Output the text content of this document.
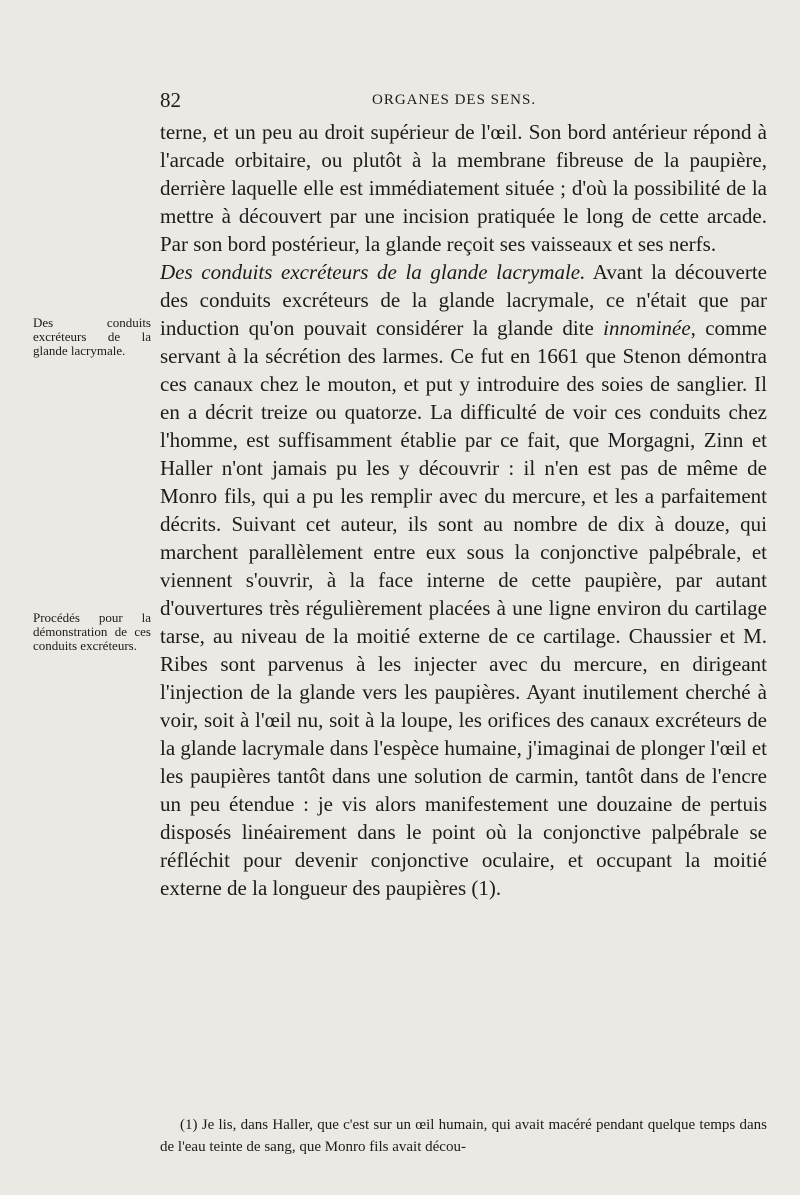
82	ORGANES DES SENS.
Des conduits excréteurs de la glande lacrymale.
Procédés pour la démonstration de ces conduits excréteurs.

terne, et un peu au droit supérieur de l'œil. Son bord antérieur répond à l'arcade orbitaire, ou plutôt à la membrane fibreuse de la paupière, derrière laquelle elle est immédiatement située ; d'où la possibilité de la mettre à découvert par une incision pratiquée le long de cette arcade. Par son bord postérieur, la glande reçoit ses vaisseaux et ses nerfs.

Des conduits excréteurs de la glande lacrymale. Avant la découverte des conduits excréteurs de la glande lacrymale, ce n'était que par induction qu'on pouvait considérer la glande dite innominée, comme servant à la sécrétion des larmes. Ce fut en 1661 que Stenon démontra ces canaux chez le mouton, et put y introduire des soies de sanglier. Il en a décrit treize ou quatorze. La difficulté de voir ces conduits chez l'homme, est suffisamment établie par ce fait, que Morgagni, Zinn et Haller n'ont jamais pu les y découvrir : il n'en est pas de même de Monro fils, qui a pu les remplir avec du mercure, et les a parfaitement décrits. Suivant cet auteur, ils sont au nombre de dix à douze, qui marchent parallèlement entre eux sous la conjonctive palpébrale, et viennent s'ouvrir, à la face interne de cette paupière, par autant d'ouvertures très régulièrement placées à une ligne environ du cartilage tarse, au niveau de la moitié externe de ce cartilage. Chaussier et M. Ribes sont parvenus à les injecter avec du mercure, en dirigeant l'injection de la glande vers les paupières. Ayant inutilement cherché à voir, soit à l'œil nu, soit à la loupe, les orifices des canaux excréteurs de la glande lacrymale dans l'espèce humaine, j'imaginai de plonger l'œil et les paupières tantôt dans une solution de carmin, tantôt dans de l'encre un peu étendue : je vis alors manifestement une douzaine de pertuis disposés linéairement dans le point où la conjonctive palpébrale se réfléchit pour devenir conjonctive oculaire, et occupant la moitié externe de la longueur des paupières (1).

(1) Je lis, dans Haller, que c'est sur un œil humain, qui avait macéré pendant quelque temps dans de l'eau teinte de sang, que Monro fils avait décou-
